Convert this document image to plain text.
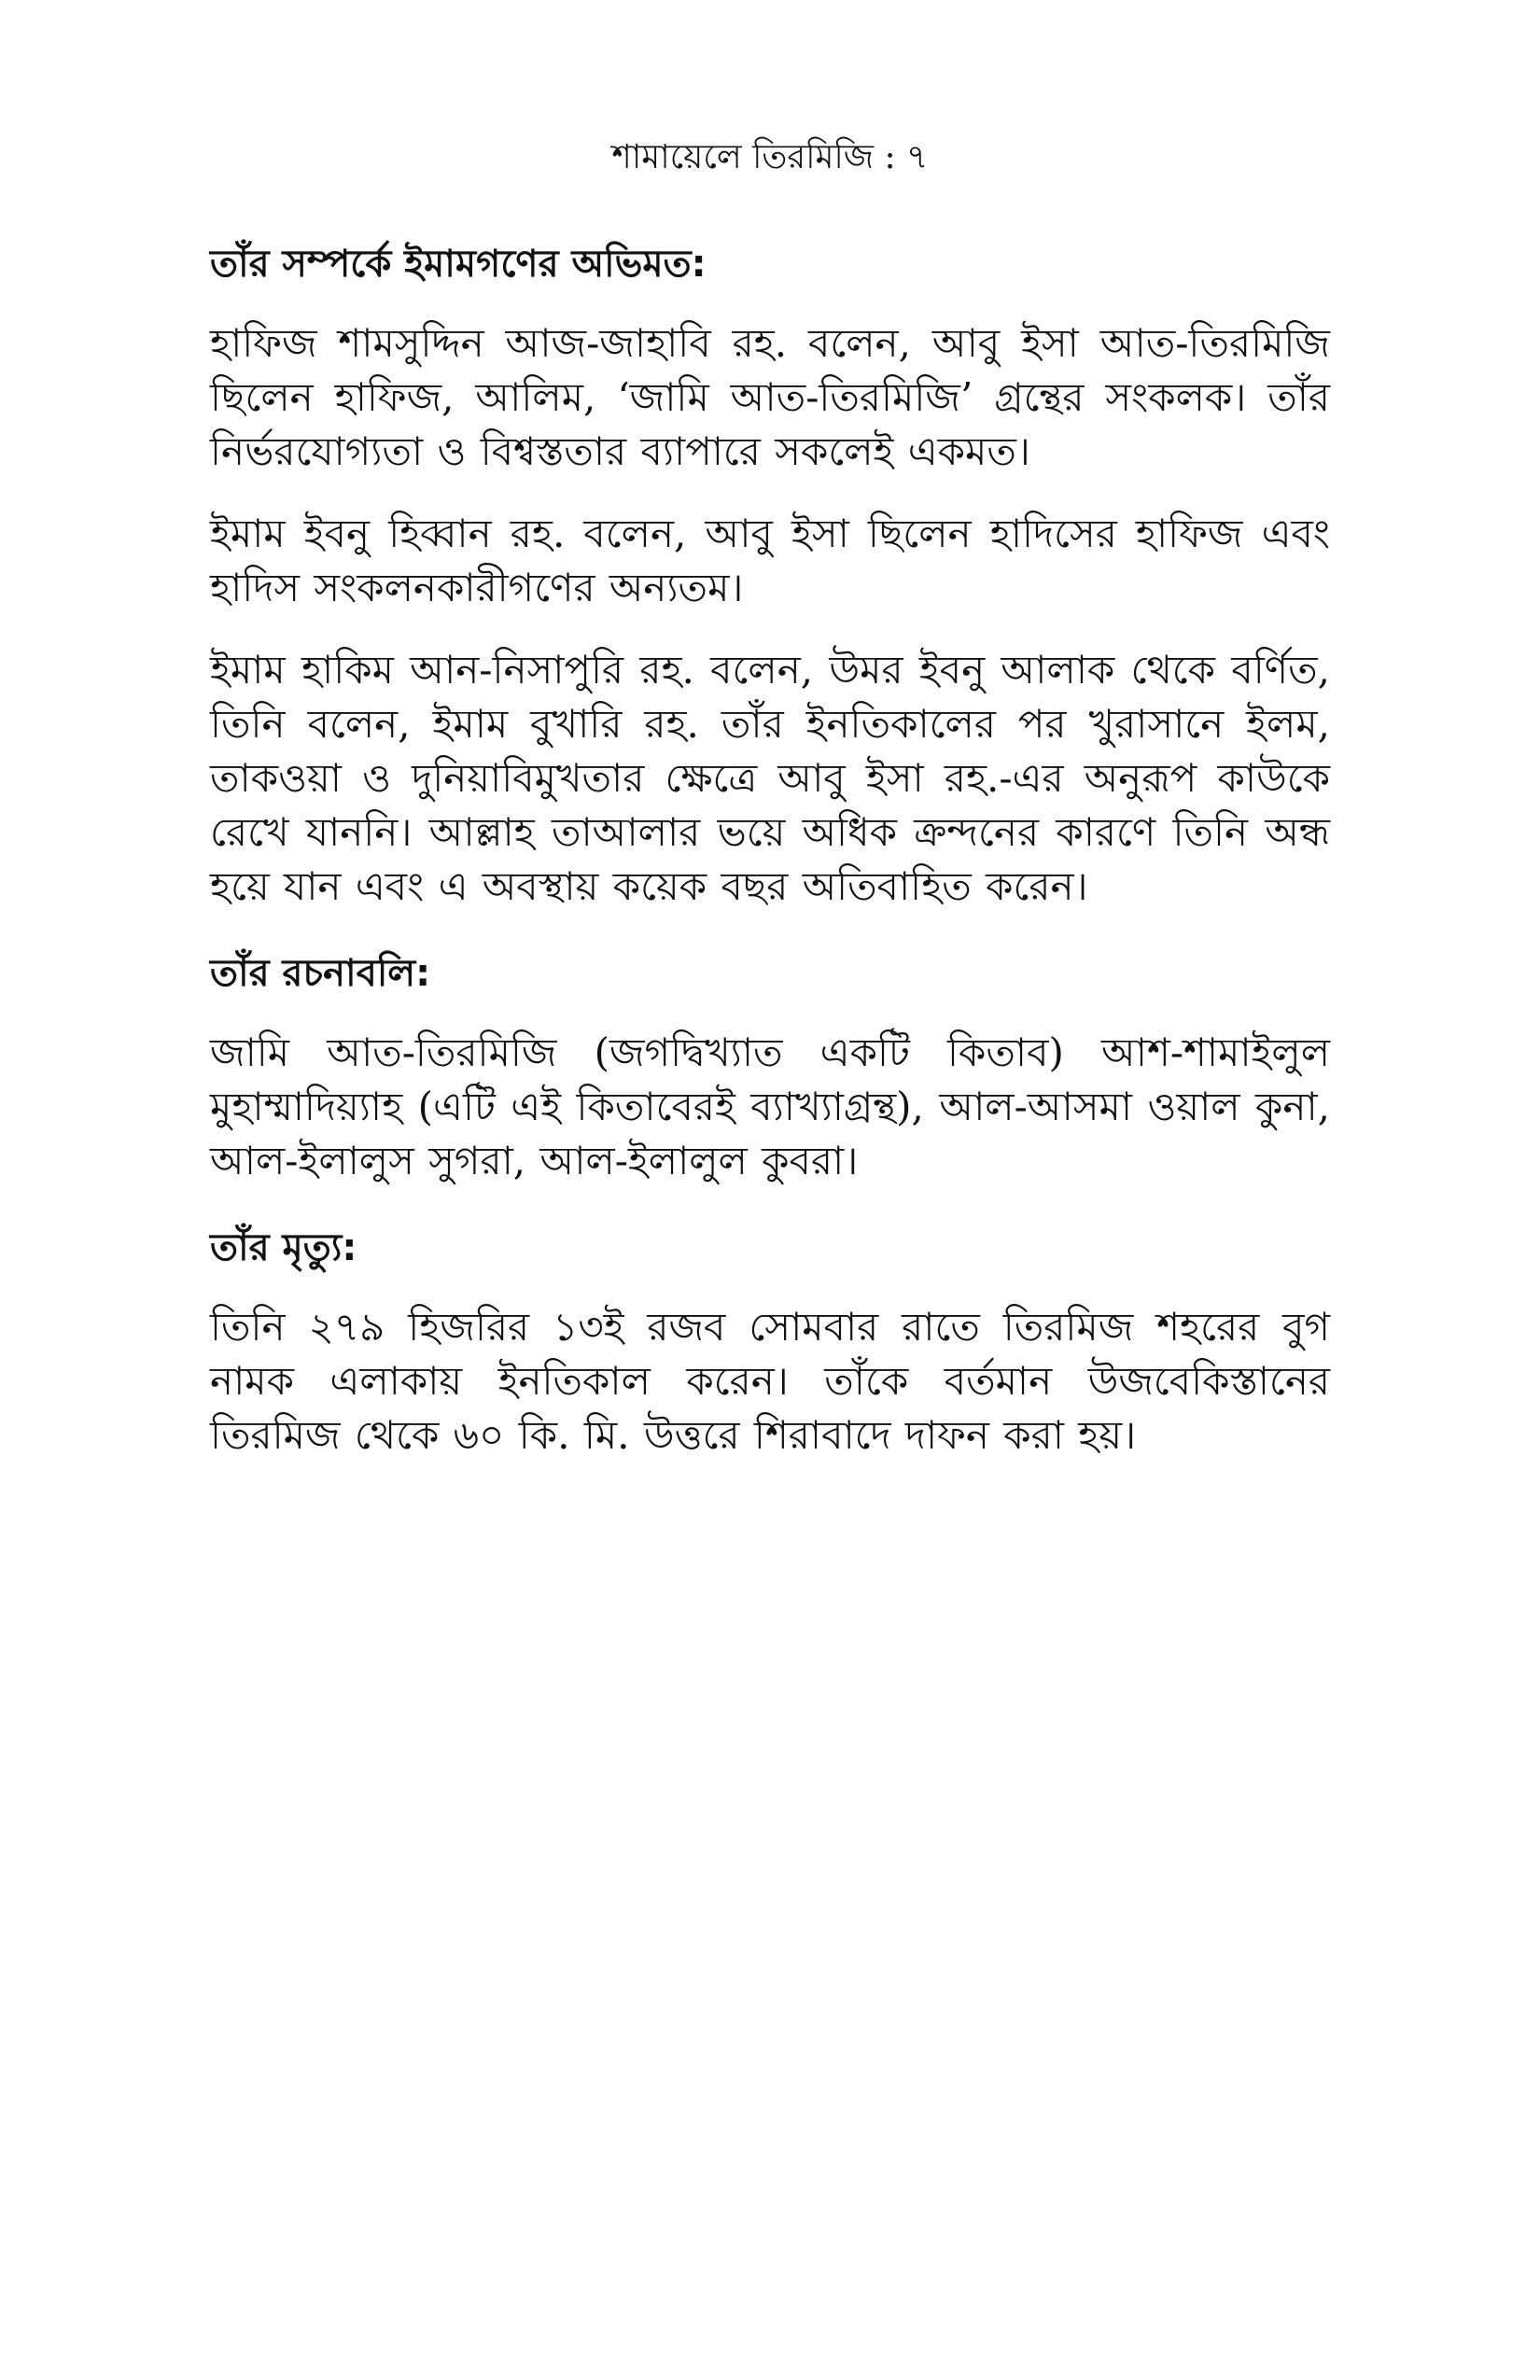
শামায়েলে তিরমিজি : ৭
তাঁর সম্পর্কে ইমামগণের অভিমত:

হাফিজ শামসুদ্দিন আজ-জাহাবি রহ. বলেন, আবু ইসা আত-তিরমিজি ছিলেন হাফিজ, আলিম, ‘জামি আত-তিরমিজি’ গ্রন্থের সংকলক। তাঁর নির্ভরযোগ্যতা ও বিশ্বস্ততার ব্যাপারে সকলেই একমত।

ইমাম ইবনু হিব্বান রহ. বলেন, আবু ইসা ছিলেন হাদিসের হাফিজ এবং হাদিস সংকলনকারীগণের অন্যতম।

ইমাম হাকিম আন-নিসাপুরি রহ. বলেন, উমর ইবনু আলাক থেকে বর্ণিত, তিনি বলেন, ইমাম বুখারি রহ. তাঁর ইনতিকালের পর খুরাসানে ইলম, তাকওয়া ও দুনিয়াবিমুখতার ক্ষেত্রে আবু ইসা রহ.-এর অনুরূপ কাউকে রেখে যাননি। আল্লাহ তাআলার ভয়ে অধিক ক্রন্দনের কারণে তিনি অন্ধ হয়ে যান এবং এ অবস্থায় কয়েক বছর অতিবাহিত করেন।

তাঁর রচনাবলি:

জামি আত-তিরমিজি (জগদ্বিখ্যাত একটি কিতাব) আশ-শামাইলুল মুহাম্মাদিয়্যাহ (এটি এই কিতাবেরই ব্যাখ্যাগ্রন্থ), আল-আসমা ওয়াল কুনা, আল-ইলালুস সুগরা, আল-ইলালুল কুবরা।

তাঁর মৃত্যু:

তিনি ২৭৯ হিজরির ১৩ই রজব সোমবার রাতে তিরমিজ শহরের বুগ নামক এলাকায় ইনতিকাল করেন। তাঁকে বর্তমান উজবেকিস্তানের তিরমিজ থেকে ৬০ কি. মি. উত্তরে শিরাবাদে দাফন করা হয়।
